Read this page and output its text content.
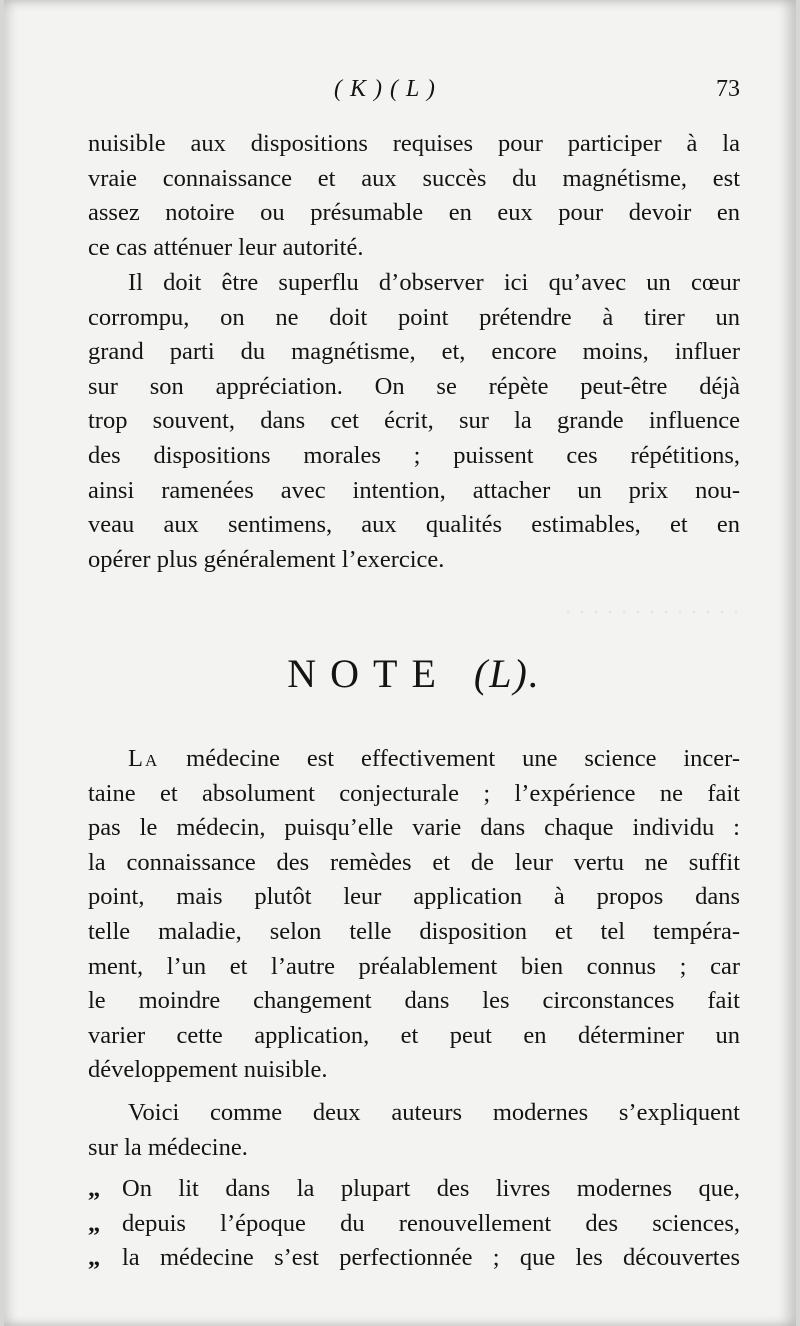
· · · · · · · · · · · · ·
( K ) ( L )	73
nuisible aux dispositions requises pour participer à la
vraie connaissance et aux succès du magnétisme, est
assez notoire ou présumable en eux pour devoir en
ce cas atténuer leur autorité.
Il doit être superflu d’observer ici qu’avec un cœur
corrompu, on ne doit point prétendre à tirer un
grand parti du magnétisme, et, encore moins, influer
sur son appréciation. On se répète peut-être déjà
trop souvent, dans cet écrit, sur la grande influence
des dispositions morales ; puissent ces répétitions,
ainsi ramenées avec intention, attacher un prix nou-
veau aux sentimens, aux qualités estimables, et en
opérer plus généralement l’exercice.
NOTE (L).
La médecine est effectivement une science incer-
taine et absolument conjecturale ; l’expérience ne fait
pas le médecin, puisqu’elle varie dans chaque individu :
la connaissance des remèdes et de leur vertu ne suffit
point, mais plutôt leur application à propos dans
telle maladie, selon telle disposition et tel tempéra-
ment, l’un et l’autre préalablement bien connus ; car
le moindre changement dans les circonstances fait
varier cette application, et peut en déterminer un
développement nuisible.
Voici comme deux auteurs modernes s’expliquent
sur la médecine.
„ On lit dans la plupart des livres modernes que,
„ depuis l’époque du renouvellement des sciences,
„ la médecine s’est perfectionnée ; que les découvertes
